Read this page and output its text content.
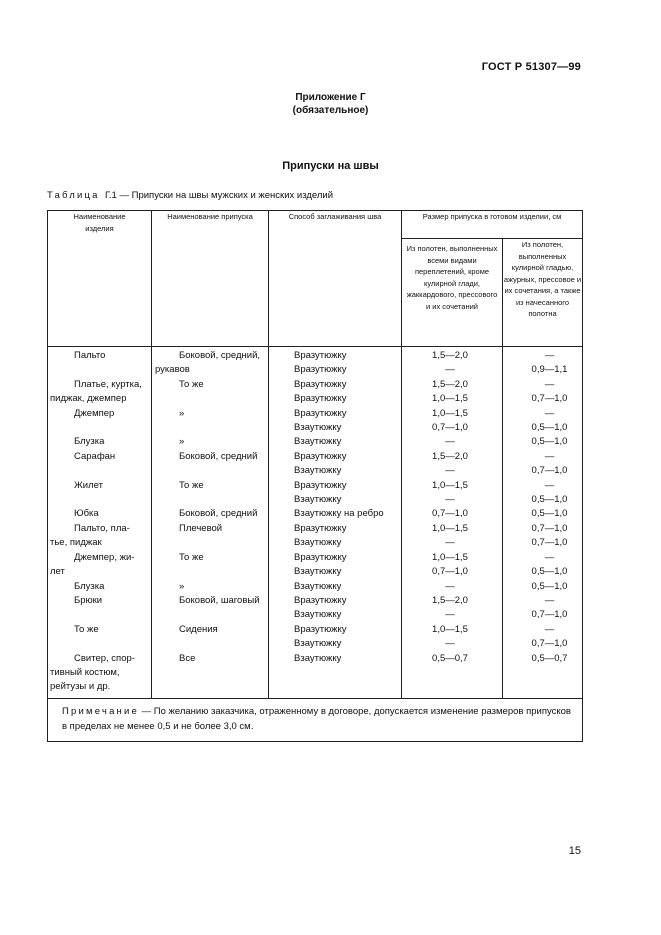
ГОСТ Р 51307—99
Приложение Г
(обязательное)
Припуски на швы
Таблица Г.1 — Припуски на швы мужских и женских изделий
Наименование изделия	Наименование припуска	Способ заглаживания шва	Размер припуска в готовом изделии, см	
			Из полотен, выполненных всеми видами переплетений, кроме кулирной глади, жаккардового, прессового и их сочетаний	Из полотен, выполненных кулирной гладью, ажурных, прессовое и их сочетания, а также из начесанного полотна
Пальто	Боковой, средний,	Вразутюжку	1,5—2,0	—
	рукавов	Вразутюжку	—	0,9—1,1
Платье, куртка,	То же	Вразутюжку	1,5—2,0	—
пиджак, джемпер		Вразутюжку	1,0—1,5	0,7—1,0
Джемпер	»	Вразутюжку	1,0—1,5	—
		Взаутюжку	0,7—1,0	0,5—1,0
Блузка	»	Взаутюжку	—	0,5—1,0
Сарафан	Боковой, средний	Вразутюжку	1,5—2,0	—
		Взаутюжку	—	0,7—1,0
Жилет	То же	Вразутюжку	1,0—1,5	—
		Взаутюжку	—	0,5—1,0
Юбка	Боковой, средний	Взаутюжку на ребро	0,7—1,0	0,5—1,0
Пальто, пла-	Плечевой	Вразутюжку	1,0—1,5	0,7—1,0
тье, пиджак		Взаутюжку	—	0,7—1,0
Джемпер, жи-	То же	Вразутюжку	1,0—1,5	—
лет		Взаутюжку	0,7—1,0	0,5—1,0
Блузка	»	Взаутюжку	—	0,5—1,0
Брюки	Боковой, шаговый	Вразутюжку	1,5—2,0	—
		Взаутюжку	—	0,7—1,0
То же	Сидения	Вразутюжку	1,0—1,5	—
		Взаутюжку	—	0,7—1,0
Свитер, спор-	Все	Взаутюжку	0,5—0,7	0,5—0,7
тивный костюм,				
рейтузы и др.				
Примечание — По желанию заказчика, отраженному в договоре, допускается изменение размеров припусков в пределах не менее 0,5 и не более 3,0 см.				
15
